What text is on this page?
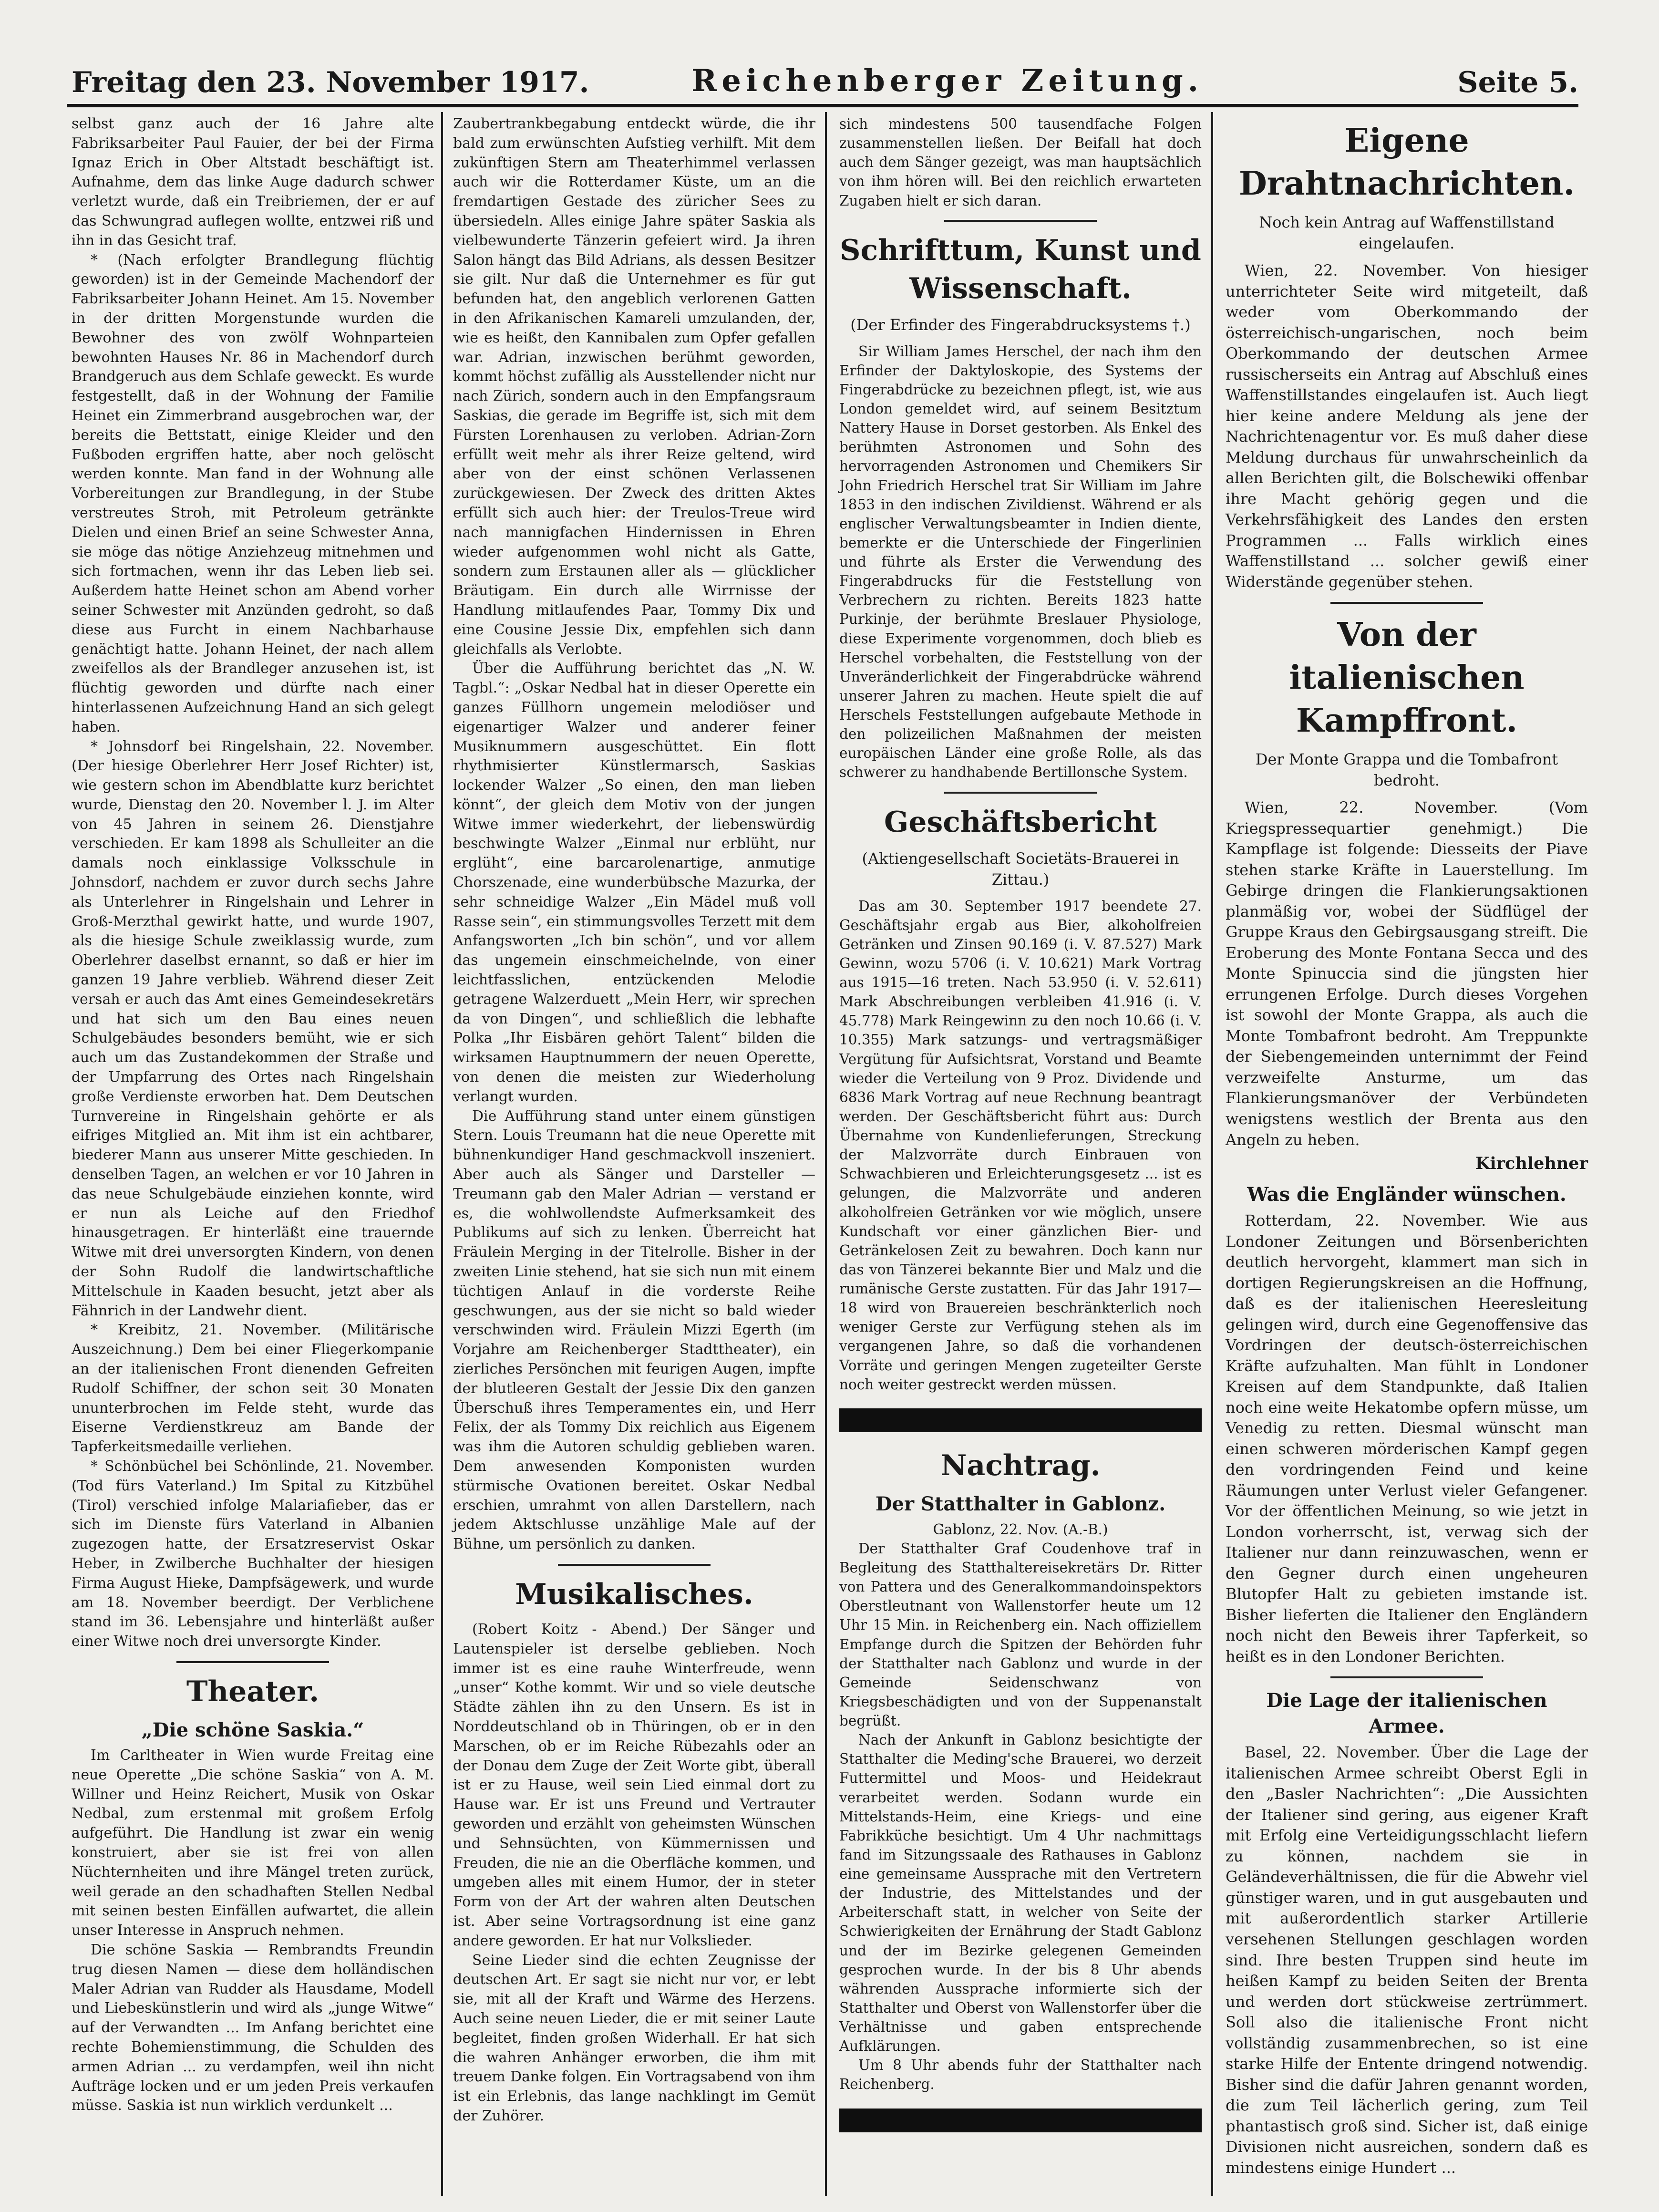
Freitag den 23. November 1917.	Reichenberger Zeitung.	Seite 5.

selbst ganz auch der 16 Jahre alte Fabriksarbeiter Paul Fauier, der bei der Firma Ignaz Erich in Ober Altstadt beschäftigt ist. Aufnahme, dem das linke Auge dadurch schwer verletzt wurde, daß ein Treibriemen, der er auf das Schwungrad auflegen wollte, entzwei riß und ihn in das Gesicht traf.

* (Nach erfolgter Brandlegung flüchtig geworden) ist in der Gemeinde Machendorf der Fabriksarbeiter Johann Heinet. Am 15. November in der dritten Morgenstunde wurden die Bewohner des von zwölf Wohnparteien bewohnten Hauses Nr. 86 in Machendorf durch Brandgeruch aus dem Schlafe geweckt. Es wurde festgestellt, daß in der Wohnung der Familie Heinet ein Zimmerbrand ausgebrochen war, der bereits die Bettstatt, einige Kleider und den Fußboden ergriffen hatte, aber noch gelöscht werden konnte. Man fand in der Wohnung alle Vorbereitungen zur Brandlegung, in der Stube verstreutes Stroh, mit Petroleum getränkte Dielen und einen Brief an seine Schwester Anna, sie möge das nötige Anziehzeug mitnehmen und sich fortmachen, wenn ihr das Leben lieb sei. Außerdem hatte Heinet schon am Abend vorher seiner Schwester mit Anzünden gedroht, so daß diese aus Furcht in einem Nachbarhause genächtigt hatte. Johann Heinet, der nach allem zweifellos als der Brandleger anzusehen ist, ist flüchtig geworden und dürfte nach einer hinterlassenen Aufzeichnung Hand an sich gelegt haben.

* Johnsdorf bei Ringelshain, 22. November. (Der hiesige Oberlehrer Herr Josef Richter) ist, wie gestern schon im Abendblatte kurz berichtet wurde, Dienstag den 20. November l. J. im Alter von 45 Jahren in seinem 26. Dienstjahre verschieden. Er kam 1898 als Schulleiter an die damals noch einklassige Volksschule in Johnsdorf, nachdem er zuvor durch sechs Jahre als Unterlehrer in Ringelshain und Lehrer in Groß-Merzthal gewirkt hatte, und wurde 1907, als die hiesige Schule zweiklassig wurde, zum Oberlehrer daselbst ernannt, so daß er hier im ganzen 19 Jahre verblieb. Während dieser Zeit versah er auch das Amt eines Gemeindesekretärs und hat sich um den Bau eines neuen Schulgebäudes besonders bemüht, wie er sich auch um das Zustandekommen der Straße und der Umpfarrung des Ortes nach Ringelshain große Verdienste erworben hat. Dem Deutschen Turnvereine in Ringelshain gehörte er als eifriges Mitglied an. Mit ihm ist ein achtbarer, biederer Mann aus unserer Mitte geschieden. In denselben Tagen, an welchen er vor 10 Jahren in das neue Schulgebäude einziehen konnte, wird er nun als Leiche auf den Friedhof hinausgetragen. Er hinterläßt eine trauernde Witwe mit drei unversorgten Kindern, von denen der Sohn Rudolf die landwirtschaftliche Mittelschule in Kaaden besucht, jetzt aber als Fähnrich in der Landwehr dient.

* Kreibitz, 21. November. (Militärische Auszeichnung.) Dem bei einer Fliegerkompanie an der italienischen Front dienenden Gefreiten Rudolf Schiffner, der schon seit 30 Monaten ununterbrochen im Felde steht, wurde das Eiserne Verdienstkreuz am Bande der Tapferkeitsmedaille verliehen.

* Schönbüchel bei Schönlinde, 21. November. (Tod fürs Vaterland.) Im Spital zu Kitzbühel (Tirol) verschied infolge Malariafieber, das er sich im Dienste fürs Vaterland in Albanien zugezogen hatte, der Ersatzreservist Oskar Heber, in Zwilberche Buchhalter der hiesigen Firma August Hieke, Dampfsägewerk, und wurde am 18. November beerdigt. Der Verblichene stand im 36. Lebensjahre und hinterläßt außer einer Witwe noch drei unversorgte Kinder.

Theater.
„Die schöne Saskia.“

Im Carltheater in Wien wurde Freitag eine neue Operette „Die schöne Saskia“ von A. M. Willner und Heinz Reichert, Musik von Oskar Nedbal, zum erstenmal mit großem Erfolg aufgeführt. Die Handlung ist zwar ein wenig konstruiert, aber sie ist frei von allen Nüchternheiten und ihre Mängel treten zurück, weil gerade an den schadhaften Stellen Nedbal mit seinen besten Einfällen aufwartet, die allein unser Interesse in Anspruch nehmen.

Die schöne Saskia — Rembrandts Freundin trug diesen Namen — diese dem holländischen Maler Adrian van Rudder als Hausdame, Modell und Liebeskünstlerin und wird als „junge Witwe“ auf der Verwandten ... Im Anfang berichtet eine rechte Bohemienstimmung, die Schulden des armen Adrian ... zu verdampfen, weil ihn nicht Aufträge locken und er um jeden Preis verkaufen müsse. Saskia ist nun wirklich verdunkelt ...

Zaubertrankbegabung entdeckt würde, die ihr bald zum erwünschten Aufstieg verhilft. Mit dem zukünftigen Stern am Theaterhimmel verlassen auch wir die Rotterdamer Küste, um an die fremdartigen Gestade des züricher Sees zu übersiedeln. Alles einige Jahre später Saskia als vielbewunderte Tänzerin gefeiert wird. Ja ihren Salon hängt das Bild Adrians, als dessen Besitzer sie gilt. Nur daß die Unternehmer es für gut befunden hat, den angeblich verlorenen Gatten in den Afrikanischen Kamareli umzulanden, der, wie es heißt, den Kannibalen zum Opfer gefallen war. Adrian, inzwischen berühmt geworden, kommt höchst zufällig als Ausstellender nicht nur nach Zürich, sondern auch in den Empfangsraum Saskias, die gerade im Begriffe ist, sich mit dem Fürsten Lorenhausen zu verloben. Adrian-Zorn erfüllt weit mehr als ihrer Reize geltend, wird aber von der einst schönen Verlassenen zurückgewiesen. Der Zweck des dritten Aktes erfüllt sich auch hier: der Treulos-Treue wird nach mannigfachen Hindernissen in Ehren wieder aufgenommen wohl nicht als Gatte, sondern zum Erstaunen aller als — glücklicher Bräutigam. Ein durch alle Wirrnisse der Handlung mitlaufendes Paar, Tommy Dix und eine Cousine Jessie Dix, empfehlen sich dann gleichfalls als Verlobte.

Über die Aufführung berichtet das „N. W. Tagbl.“: „Oskar Nedbal hat in dieser Operette ein ganzes Füllhorn ungemein melodiöser und eigenartiger Walzer und anderer feiner Musiknummern ausgeschüttet. Ein flott rhythmisierter Künstlermarsch, Saskias lockender Walzer „So einen, den man lieben könnt“, der gleich dem Motiv von der jungen Witwe immer wiederkehrt, der liebenswürdig beschwingte Walzer „Einmal nur erblüht, nur erglüht“, eine barcarolenartige, anmutige Chorszenade, eine wunderbübsche Mazurka, der sehr schneidige Walzer „Ein Mädel muß voll Rasse sein“, ein stimmungsvolles Terzett mit dem Anfangsworten „Ich bin schön“, und vor allem das ungemein einschmeichelnde, von einer leichtfasslichen, entzückenden Melodie getragene Walzerduett „Mein Herr, wir sprechen da von Dingen“, und schließlich die lebhafte Polka „Ihr Eisbären gehört Talent“ bilden die wirksamen Hauptnummern der neuen Operette, von denen die meisten zur Wiederholung verlangt wurden.

Die Aufführung stand unter einem günstigen Stern. Louis Treumann hat die neue Operette mit bühnenkundiger Hand geschmackvoll inszeniert. Aber auch als Sänger und Darsteller — Treumann gab den Maler Adrian — verstand er es, die wohlwollendste Aufmerksamkeit des Publikums auf sich zu lenken. Überreicht hat Fräulein Merging in der Titelrolle. Bisher in der zweiten Linie stehend, hat sie sich nun mit einem tüchtigen Anlauf in die vorderste Reihe geschwungen, aus der sie nicht so bald wieder verschwinden wird. Fräulein Mizzi Egerth (im Vorjahre am Reichenberger Stadttheater), ein zierliches Persönchen mit feurigen Augen, impfte der blutleeren Gestalt der Jessie Dix den ganzen Überschuß ihres Temperamentes ein, und Herr Felix, der als Tommy Dix reichlich aus Eigenem was ihm die Autoren schuldig geblieben waren. Dem anwesenden Komponisten wurden stürmische Ovationen bereitet. Oskar Nedbal erschien, umrahmt von allen Darstellern, nach jedem Aktschlusse unzählige Male auf der Bühne, um persönlich zu danken.

Musikalisches.

(Robert Koitz - Abend.) Der Sänger und Lautenspieler ist derselbe geblieben. Noch immer ist es eine rauhe Winterfreude, wenn „unser“ Kothe kommt. Wir und so viele deutsche Städte zählen ihn zu den Unsern. Es ist in Norddeutschland ob in Thüringen, ob er in den Marschen, ob er im Reiche Rübezahls oder an der Donau dem Zuge der Zeit Worte gibt, überall ist er zu Hause, weil sein Lied einmal dort zu Hause war. Er ist uns Freund und Vertrauter geworden und erzählt von geheimsten Wünschen und Sehnsüchten, von Kümmernissen und Freuden, die nie an die Oberfläche kommen, und umgeben alles mit einem Humor, der in steter Form von der Art der wahren alten Deutschen ist. Aber seine Vortragsordnung ist eine ganz andere geworden. Er hat nur Volkslieder.

Seine Lieder sind die echten Zeugnisse der deutschen Art. Er sagt sie nicht nur vor, er lebt sie, mit all der Kraft und Wärme des Herzens. Auch seine neuen Lieder, die er mit seiner Laute begleitet, finden großen Widerhall. Er hat sich die wahren Anhänger erworben, die ihm mit treuem Danke folgen. Ein Vortragsabend von ihm ist ein Erlebnis, das lange nachklingt im Gemüt der Zuhörer.

sich mindestens 500 tausendfache Folgen zusammenstellen ließen. Der Beifall hat doch auch dem Sänger gezeigt, was man hauptsächlich von ihm hören will. Bei den reichlich erwarteten Zugaben hielt er sich daran.

Schrifttum, Kunst und Wissenschaft.
(Der Erfinder des Fingerabdrucksystems †.)

Sir William James Herschel, der nach ihm den Erfinder der Daktyloskopie, des Systems der Fingerabdrücke zu bezeichnen pflegt, ist, wie aus London gemeldet wird, auf seinem Besitztum Nattery Hause in Dorset gestorben. Als Enkel des berühmten Astronomen und Sohn des hervorragenden Astronomen und Chemikers Sir John Friedrich Herschel trat Sir William im Jahre 1853 in den indischen Zivildienst. Während er als englischer Verwaltungsbeamter in Indien diente, bemerkte er die Unterschiede der Fingerlinien und führte als Erster die Verwendung des Fingerabdrucks für die Feststellung von Verbrechern zu richten. Bereits 1823 hatte Purkinje, der berühmte Breslauer Physiologe, diese Experimente vorgenommen, doch blieb es Herschel vorbehalten, die Feststellung von der Unveränderlichkeit der Fingerabdrücke während unserer Jahren zu machen. Heute spielt die auf Herschels Feststellungen aufgebaute Methode in den polizeilichen Maßnahmen der meisten europäischen Länder eine große Rolle, als das schwerer zu handhabende Bertillonsche System.

Geschäftsbericht
(Aktiengesellschaft Societäts-Brauerei in Zittau.)

Das am 30. September 1917 beendete 27. Geschäftsjahr ergab aus Bier, alkoholfreien Getränken und Zinsen 90.169 (i. V. 87.527) Mark Gewinn, wozu 5706 (i. V. 10.621) Mark Vortrag aus 1915—16 treten. Nach 53.950 (i. V. 52.611) Mark Abschreibungen verbleiben 41.916 (i. V. 45.778) Mark Reingewinn zu den noch 10.66 (i. V. 10.355) Mark satzungs- und vertragsmäßiger Vergütung für Aufsichtsrat, Vorstand und Beamte wieder die Verteilung von 9 Proz. Dividende und 6836 Mark Vortrag auf neue Rechnung beantragt werden. Der Geschäftsbericht führt aus: Durch Übernahme von Kundenlieferungen, Streckung der Malzvorräte durch Einbrauen von Schwachbieren und Erleichterungsgesetz ... ist es gelungen, die Malzvorräte und anderen alkoholfreien Getränken vor wie möglich, unsere Kundschaft vor einer gänzlichen Bier- und Getränkelosen Zeit zu bewahren. Doch kann nur das von Tänzerei bekannte Bier und Malz und die rumänische Gerste zustatten. Für das Jahr 1917—18 wird von Brauereien beschränkterlich noch weniger Gerste zur Verfügung stehen als im vergangenen Jahre, so daß die vorhandenen Vorräte und geringen Mengen zugeteilter Gerste noch weiter gestreckt werden müssen.

Nachtrag.
Der Statthalter in Gablonz.

Gablonz, 22. Nov. (A.-B.)

Der Statthalter Graf Coudenhove traf in Begleitung des Statthaltereisekretärs Dr. Ritter von Pattera und des Generalkommandoinspektors Oberstleutnant von Wallenstorfer heute um 12 Uhr 15 Min. in Reichenberg ein. Nach offiziellem Empfange durch die Spitzen der Behörden fuhr der Statthalter nach Gablonz und wurde in der Gemeinde Seidenschwanz von Kriegsbeschädigten und von der Suppenanstalt begrüßt.

Nach der Ankunft in Gablonz besichtigte der Statthalter die Meding'sche Brauerei, wo derzeit Futtermittel und Moos- und Heidekraut verarbeitet werden. Sodann wurde ein Mittelstands-Heim, eine Kriegs- und eine Fabrikküche besichtigt. Um 4 Uhr nachmittags fand im Sitzungssaale des Rathauses in Gablonz eine gemeinsame Aussprache mit den Vertretern der Industrie, des Mittelstandes und der Arbeiterschaft statt, in welcher von Seite der Schwierigkeiten der Ernährung der Stadt Gablonz und der im Bezirke gelegenen Gemeinden gesprochen wurde. In der bis 8 Uhr abends währenden Aussprache informierte sich der Statthalter und Oberst von Wallenstorfer über die Verhältnisse und gaben entsprechende Aufklärungen.

Um 8 Uhr abends fuhr der Statthalter nach Reichenberg.

Eigene Drahtnachrichten.
Noch kein Antrag auf Waffenstillstand eingelaufen.

Wien, 22. November. Von hiesiger unterrichteter Seite wird mitgeteilt, daß weder vom Oberkommando der österreichisch-ungarischen, noch beim Oberkommando der deutschen Armee russischerseits ein Antrag auf Abschluß eines Waffenstillstandes eingelaufen ist. Auch liegt hier keine andere Meldung als jene der Nachrichtenagentur vor. Es muß daher diese Meldung durchaus für unwahrscheinlich da allen Berichten gilt, die Bolschewiki offenbar ihre Macht gehörig gegen und die Verkehrsfähigkeit des Landes den ersten Programmen ... Falls wirklich eines Waffenstillstand ... solcher gewiß einer Widerstände gegenüber stehen.

Von der italienischen Kampffront.
Der Monte Grappa und die Tombafront bedroht.

Wien, 22. November. (Vom Kriegspressequartier genehmigt.) Die Kampflage ist folgende: Diesseits der Piave stehen starke Kräfte in Lauerstellung. Im Gebirge dringen die Flankierungsaktionen planmäßig vor, wobei der Südflügel der Gruppe Kraus den Gebirgsausgang streift. Die Eroberung des Monte Fontana Secca und des Monte Spinuccia sind die jüngsten hier errungenen Erfolge. Durch dieses Vorgehen ist sowohl der Monte Grappa, als auch die Monte Tombafront bedroht. Am Treppunkte der Siebengemeinden unternimmt der Feind verzweifelte Ansturme, um das Flankierungsmanöver der Verbündeten wenigstens westlich der Brenta aus den Angeln zu heben.

Kirchlehner
Was die Engländer wünschen.

Rotterdam, 22. November. Wie aus Londoner Zeitungen und Börsenberichten deutlich hervorgeht, klammert man sich in dortigen Regierungskreisen an die Hoffnung, daß es der italienischen Heeresleitung gelingen wird, durch eine Gegenoffensive das Vordringen der deutsch-österreichischen Kräfte aufzuhalten. Man fühlt in Londoner Kreisen auf dem Standpunkte, daß Italien noch eine weite Hekatombe opfern müsse, um Venedig zu retten. Diesmal wünscht man einen schweren mörderischen Kampf gegen den vordringenden Feind und keine Räumungen unter Verlust vieler Gefangener. Vor der öffentlichen Meinung, so wie jetzt in London vorherrscht, ist, verwag sich der Italiener nur dann reinzuwaschen, wenn er den Gegner durch einen ungeheuren Blutopfer Halt zu gebieten imstande ist. Bisher lieferten die Italiener den Engländern noch nicht den Beweis ihrer Tapferkeit, so heißt es in den Londoner Berichten.

Die Lage der italienischen Armee.

Basel, 22. November. Über die Lage der italienischen Armee schreibt Oberst Egli in den „Basler Nachrichten“: „Die Aussichten der Italiener sind gering, aus eigener Kraft mit Erfolg eine Verteidigungsschlacht liefern zu können, nachdem sie in Geländeverhältnissen, die für die Abwehr viel günstiger waren, und in gut ausgebauten und mit außerordentlich starker Artillerie versehenen Stellungen geschlagen worden sind. Ihre besten Truppen sind heute im heißen Kampf zu beiden Seiten der Brenta und werden dort stückweise zertrümmert. Soll also die italienische Front nicht vollständig zusammenbrechen, so ist eine starke Hilfe der Entente dringend notwendig. Bisher sind die dafür Jahren genannt worden, die zum Teil lächerlich gering, zum Teil phantastisch groß sind. Sicher ist, daß einige Divisionen nicht ausreichen, sondern daß es mindestens einige Hundert ...
